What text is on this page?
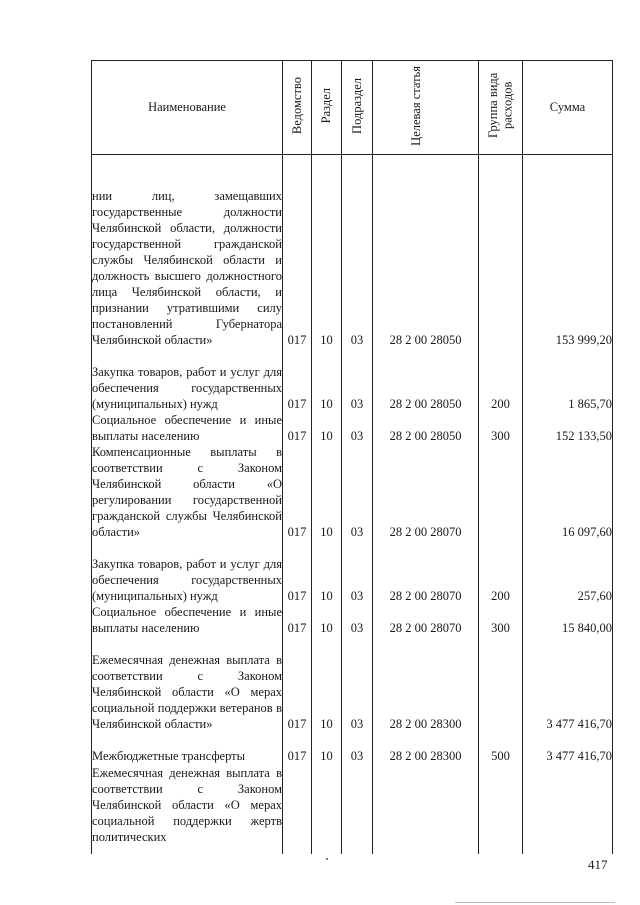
Наименование	Ведомство	Раздел	Подраздел	Целевая статья	Группа вида расходов	Сумма
нии лиц, замещавших государственные должности Челябинской области, должности государственной гражданской службы Челябинской области и должность высшего должностного лица Челябинской области, и признании утратившими силу постановлений Губернатора Челябинской области»	017	10	03	28 2 00 28050		153 999,20
Закупка товаров, работ и услуг для обеспечения государственных (муниципальных) нужд	017	10	03	28 2 00 28050	200	1 865,70
Социальное обеспечение и иные выплаты населению	017	10	03	28 2 00 28050	300	152 133,50
Компенсационные выплаты в соответствии с Законом Челябинской области «О регулировании государственной гражданской службы Челябинской области»	017	10	03	28 2 00 28070		16 097,60
Закупка товаров, работ и услуг для обеспечения государственных (муниципальных) нужд	017	10	03	28 2 00 28070	200	257,60
Социальное обеспечение и иные выплаты населению	017	10	03	28 2 00 28070	300	15 840,00
Ежемесячная денежная выплата в соответствии с Законом Челябинской области «О мерах социальной поддержки ветеранов в Челябинской области»	017	10	03	28 2 00 28300		3 477 416,70
Межбюджетные трансферты	017	10	03	28 2 00 28300	500	3 477 416,70
Ежемесячная денежная выплата в соответствии с Законом Челябинской области «О мерах социальной поддержки жертв политических						
417
